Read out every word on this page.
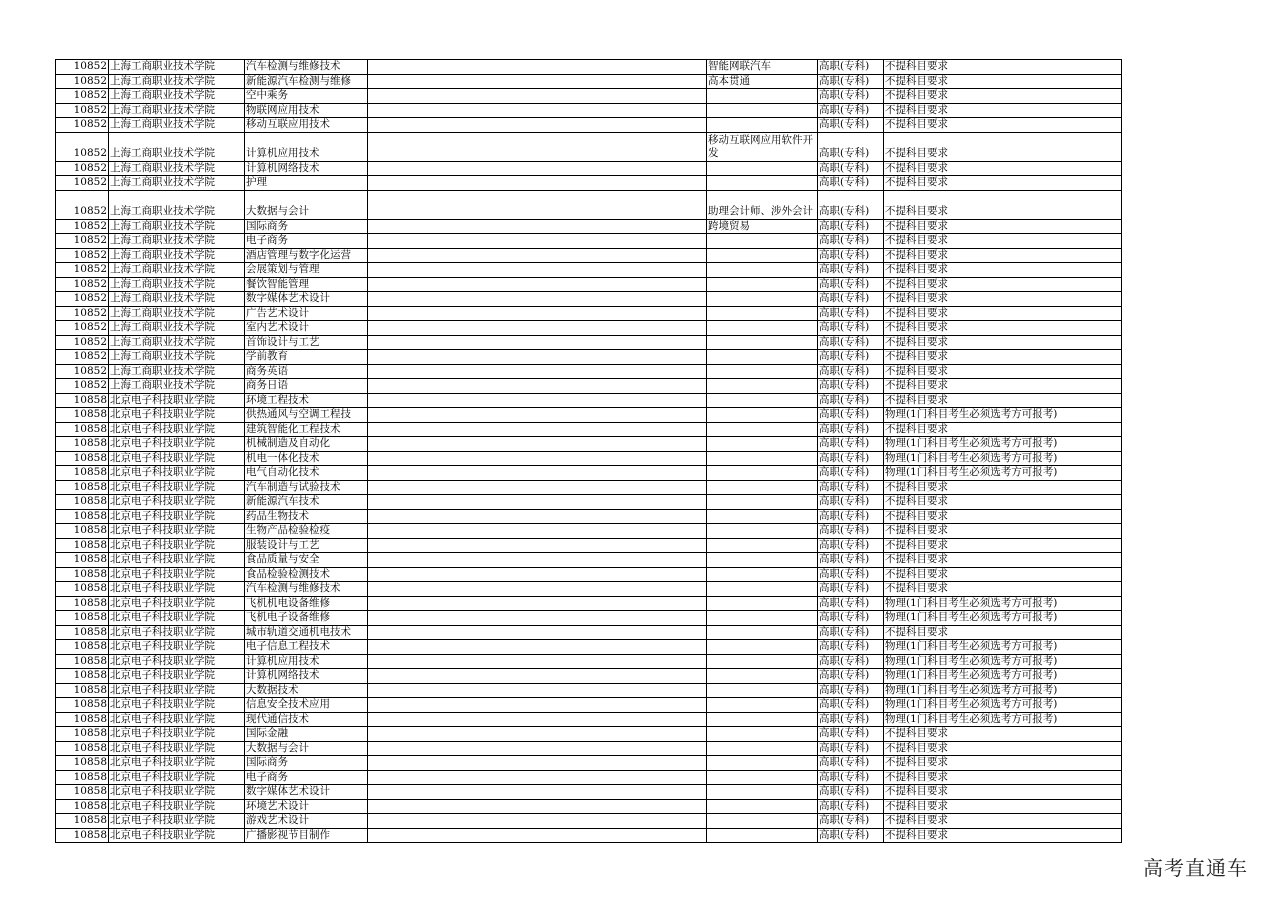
10852	上海工商职业技术学院	汽车检测与维修技术		智能网联汽车	高职(专科)	不提科目要求
10852	上海工商职业技术学院	新能源汽车检测与维修		高本贯通	高职(专科)	不提科目要求
10852	上海工商职业技术学院	空中乘务			高职(专科)	不提科目要求
10852	上海工商职业技术学院	物联网应用技术			高职(专科)	不提科目要求
10852	上海工商职业技术学院	移动互联应用技术			高职(专科)	不提科目要求
10852	上海工商职业技术学院	计算机应用技术		移动互联网应用软件开发	高职(专科)	不提科目要求
10852	上海工商职业技术学院	计算机网络技术			高职(专科)	不提科目要求
10852	上海工商职业技术学院	护理			高职(专科)	不提科目要求
10852	上海工商职业技术学院	大数据与会计		助理会计师、涉外会计	高职(专科)	不提科目要求
10852	上海工商职业技术学院	国际商务		跨境贸易	高职(专科)	不提科目要求
10852	上海工商职业技术学院	电子商务			高职(专科)	不提科目要求
10852	上海工商职业技术学院	酒店管理与数字化运营			高职(专科)	不提科目要求
10852	上海工商职业技术学院	会展策划与管理			高职(专科)	不提科目要求
10852	上海工商职业技术学院	餐饮智能管理			高职(专科)	不提科目要求
10852	上海工商职业技术学院	数字媒体艺术设计			高职(专科)	不提科目要求
10852	上海工商职业技术学院	广告艺术设计			高职(专科)	不提科目要求
10852	上海工商职业技术学院	室内艺术设计			高职(专科)	不提科目要求
10852	上海工商职业技术学院	首饰设计与工艺			高职(专科)	不提科目要求
10852	上海工商职业技术学院	学前教育			高职(专科)	不提科目要求
10852	上海工商职业技术学院	商务英语			高职(专科)	不提科目要求
10852	上海工商职业技术学院	商务日语			高职(专科)	不提科目要求
10858	北京电子科技职业学院	环境工程技术			高职(专科)	不提科目要求
10858	北京电子科技职业学院	供热通风与空调工程技			高职(专科)	物理(1门科目考生必须选考方可报考)
10858	北京电子科技职业学院	建筑智能化工程技术			高职(专科)	不提科目要求
10858	北京电子科技职业学院	机械制造及自动化			高职(专科)	物理(1门科目考生必须选考方可报考)
10858	北京电子科技职业学院	机电一体化技术			高职(专科)	物理(1门科目考生必须选考方可报考)
10858	北京电子科技职业学院	电气自动化技术			高职(专科)	物理(1门科目考生必须选考方可报考)
10858	北京电子科技职业学院	汽车制造与试验技术			高职(专科)	不提科目要求
10858	北京电子科技职业学院	新能源汽车技术			高职(专科)	不提科目要求
10858	北京电子科技职业学院	药品生物技术			高职(专科)	不提科目要求
10858	北京电子科技职业学院	生物产品检验检疫			高职(专科)	不提科目要求
10858	北京电子科技职业学院	服装设计与工艺			高职(专科)	不提科目要求
10858	北京电子科技职业学院	食品质量与安全			高职(专科)	不提科目要求
10858	北京电子科技职业学院	食品检验检测技术			高职(专科)	不提科目要求
10858	北京电子科技职业学院	汽车检测与维修技术			高职(专科)	不提科目要求
10858	北京电子科技职业学院	飞机机电设备维修			高职(专科)	物理(1门科目考生必须选考方可报考)
10858	北京电子科技职业学院	飞机电子设备维修			高职(专科)	物理(1门科目考生必须选考方可报考)
10858	北京电子科技职业学院	城市轨道交通机电技术			高职(专科)	不提科目要求
10858	北京电子科技职业学院	电子信息工程技术			高职(专科)	物理(1门科目考生必须选考方可报考)
10858	北京电子科技职业学院	计算机应用技术			高职(专科)	物理(1门科目考生必须选考方可报考)
10858	北京电子科技职业学院	计算机网络技术			高职(专科)	物理(1门科目考生必须选考方可报考)
10858	北京电子科技职业学院	大数据技术			高职(专科)	物理(1门科目考生必须选考方可报考)
10858	北京电子科技职业学院	信息安全技术应用			高职(专科)	物理(1门科目考生必须选考方可报考)
10858	北京电子科技职业学院	现代通信技术			高职(专科)	物理(1门科目考生必须选考方可报考)
10858	北京电子科技职业学院	国际金融			高职(专科)	不提科目要求
10858	北京电子科技职业学院	大数据与会计			高职(专科)	不提科目要求
10858	北京电子科技职业学院	国际商务			高职(专科)	不提科目要求
10858	北京电子科技职业学院	电子商务			高职(专科)	不提科目要求
10858	北京电子科技职业学院	数字媒体艺术设计			高职(专科)	不提科目要求
10858	北京电子科技职业学院	环境艺术设计			高职(专科)	不提科目要求
10858	北京电子科技职业学院	游戏艺术设计			高职(专科)	不提科目要求
10858	北京电子科技职业学院	广播影视节目制作			高职(专科)	不提科目要求
高考直通车
